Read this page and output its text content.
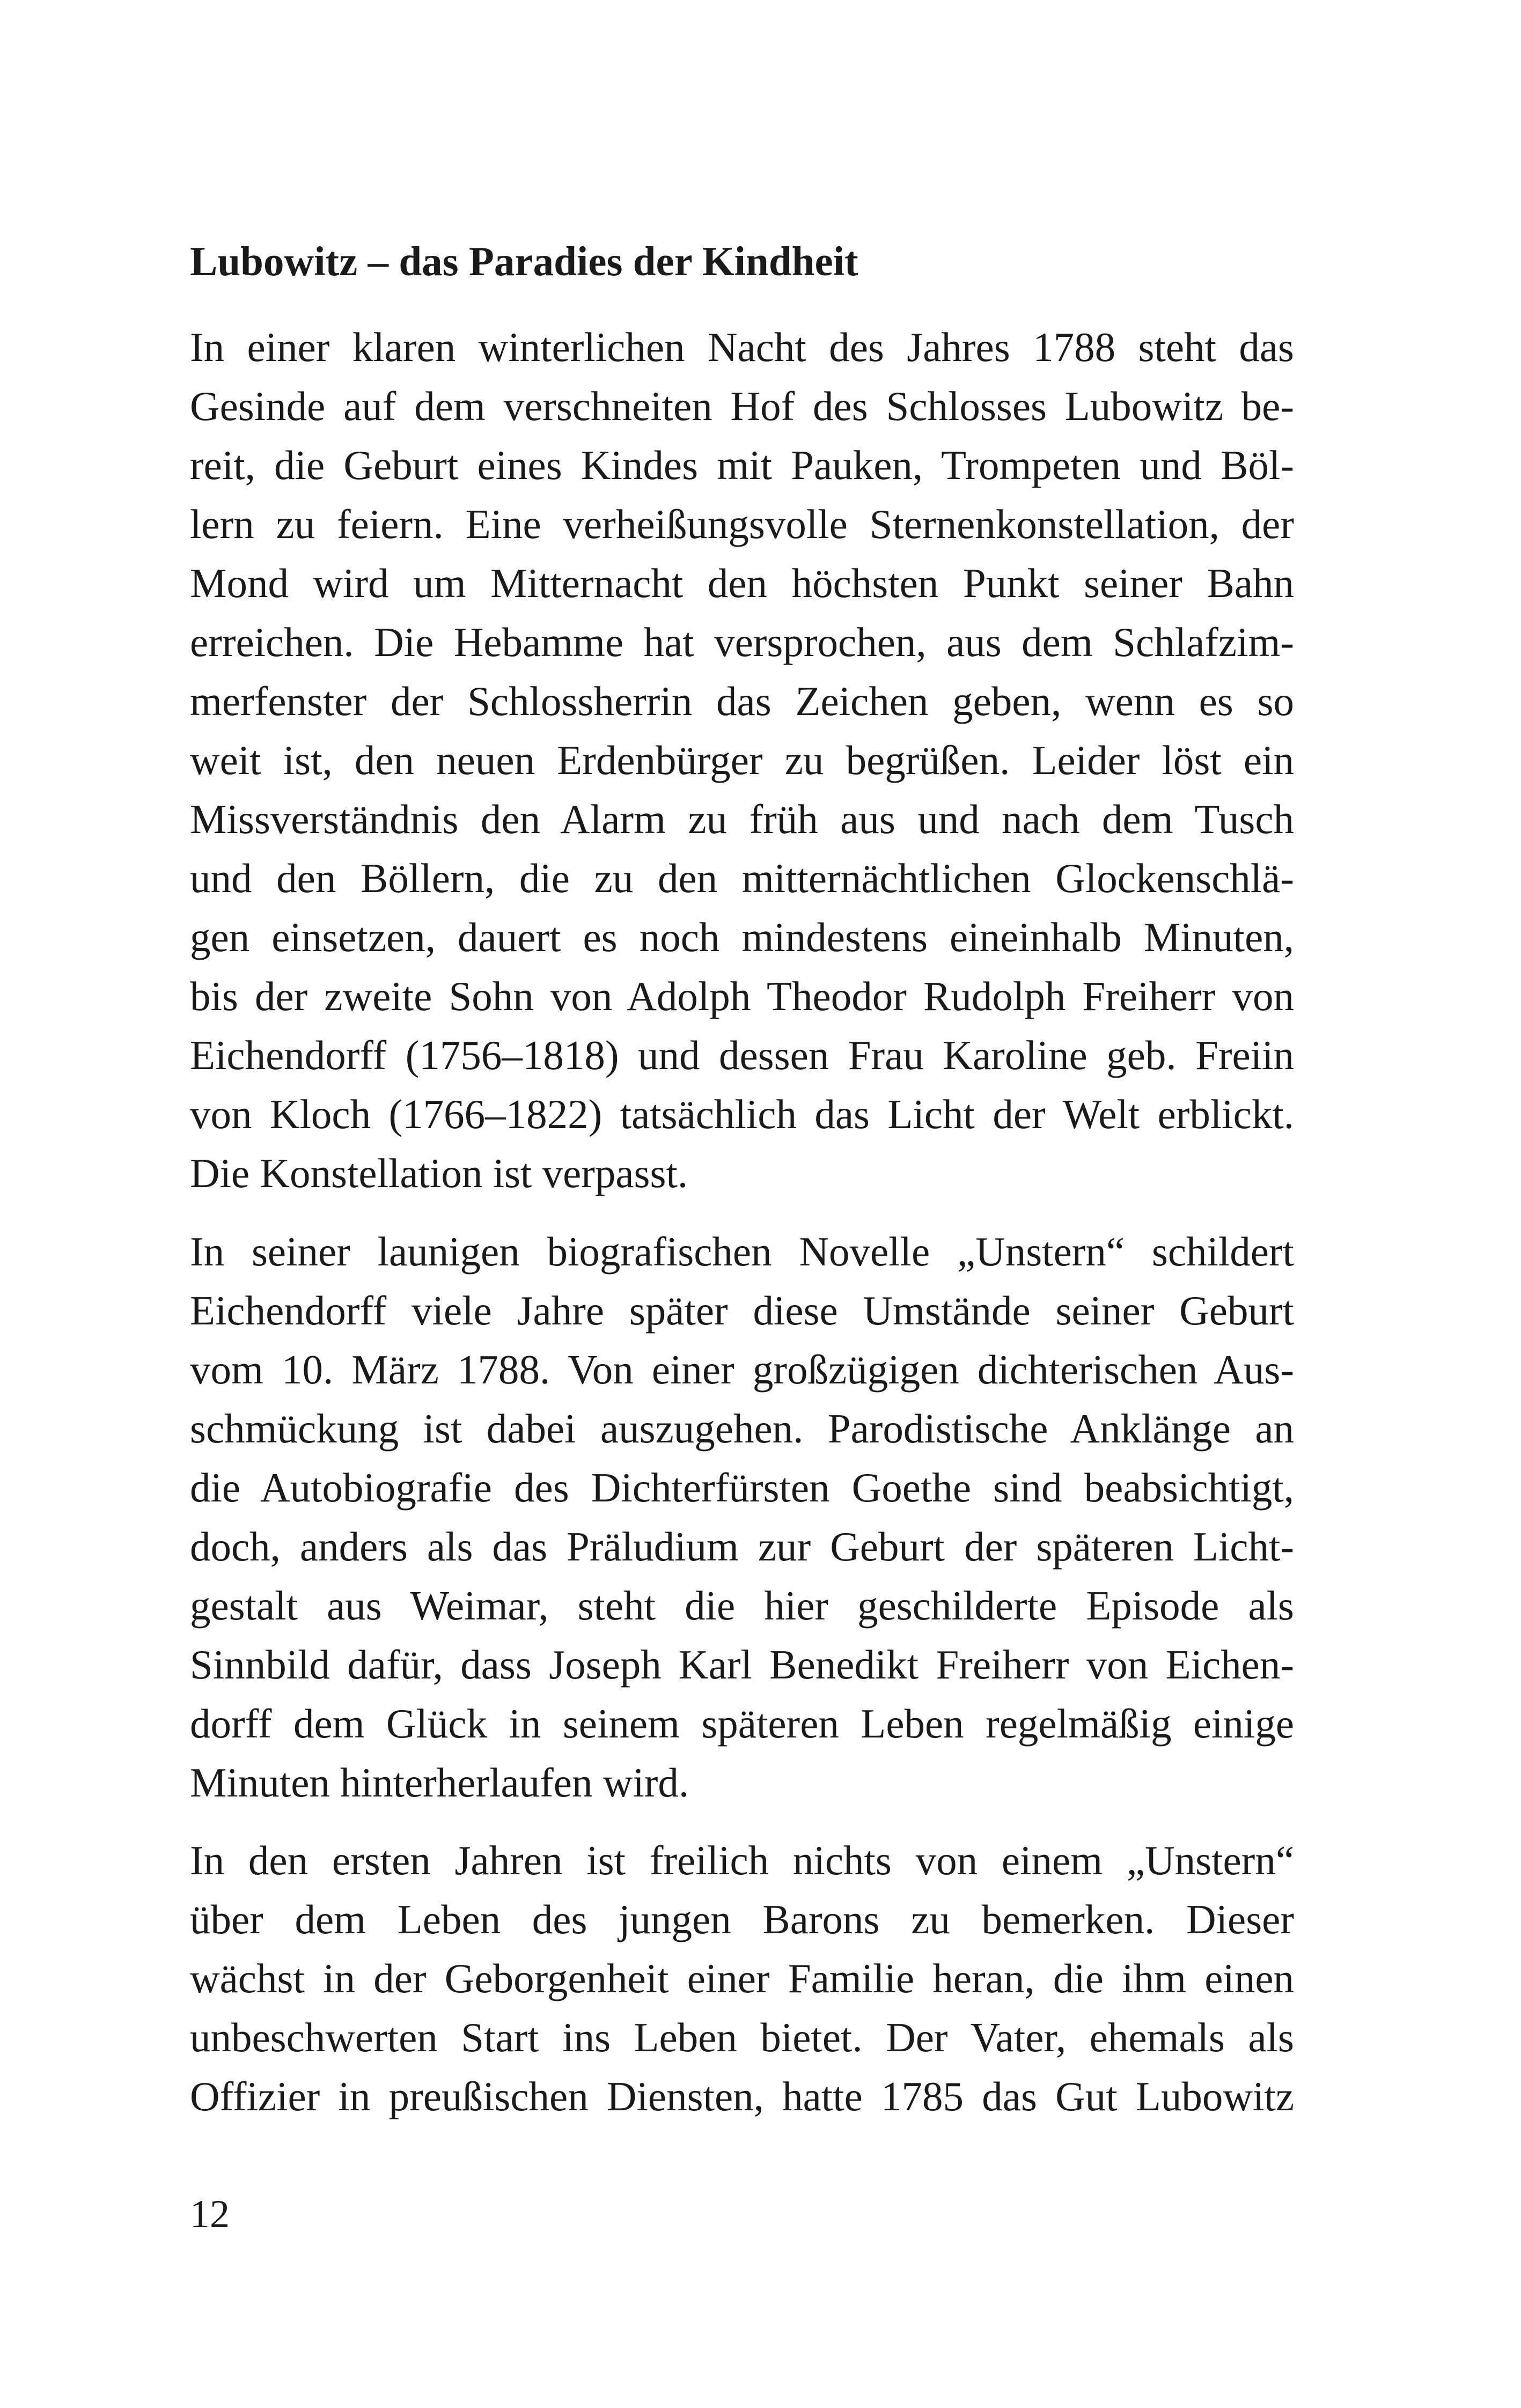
Lubowitz – das Paradies der Kindheit
In einer klaren winterlichen Nacht des Jahres 1788 steht das
Gesinde auf dem verschneiten Hof des Schlosses Lubowitz be-
reit, die Geburt eines Kindes mit Pauken, Trompeten und Böl-
lern zu feiern. Eine verheißungsvolle Sternenkonstellation, der
Mond wird um Mitternacht den höchsten Punkt seiner Bahn
erreichen. Die Hebamme hat versprochen, aus dem Schlafzim-
merfenster der Schlossherrin das Zeichen geben, wenn es so
weit ist, den neuen Erdenbürger zu begrüßen. Leider löst ein
Missverständnis den Alarm zu früh aus und nach dem Tusch
und den Böllern, die zu den mitternächtlichen Glockenschlä-
gen einsetzen, dauert es noch mindestens eineinhalb Minuten,
bis der zweite Sohn von Adolph Theodor Rudolph Freiherr von
Eichendorff (1756–1818) und dessen Frau Karoline geb. Freiin
von Kloch (1766–1822) tatsächlich das Licht der Welt erblickt.
Die Konstellation ist verpasst.
In seiner launigen biografischen Novelle „Unstern“ schildert
Eichendorff viele Jahre später diese Umstände seiner Geburt
vom 10. März 1788. Von einer großzügigen dichterischen Aus-
schmückung ist dabei auszugehen. Parodistische Anklänge an
die Autobiografie des Dichterfürsten Goethe sind beabsichtigt,
doch, anders als das Präludium zur Geburt der späteren Licht-
gestalt aus Weimar, steht die hier geschilderte Episode als
Sinnbild dafür, dass Joseph Karl Benedikt Freiherr von Eichen-
dorff dem Glück in seinem späteren Leben regelmäßig einige
Minuten hinterherlaufen wird.
In den ersten Jahren ist freilich nichts von einem „Unstern“
über dem Leben des jungen Barons zu bemerken. Dieser
wächst in der Geborgenheit einer Familie heran, die ihm einen
unbeschwerten Start ins Leben bietet. Der Vater, ehemals als
Offizier in preußischen Diensten, hatte 1785 das Gut Lubowitz
12
